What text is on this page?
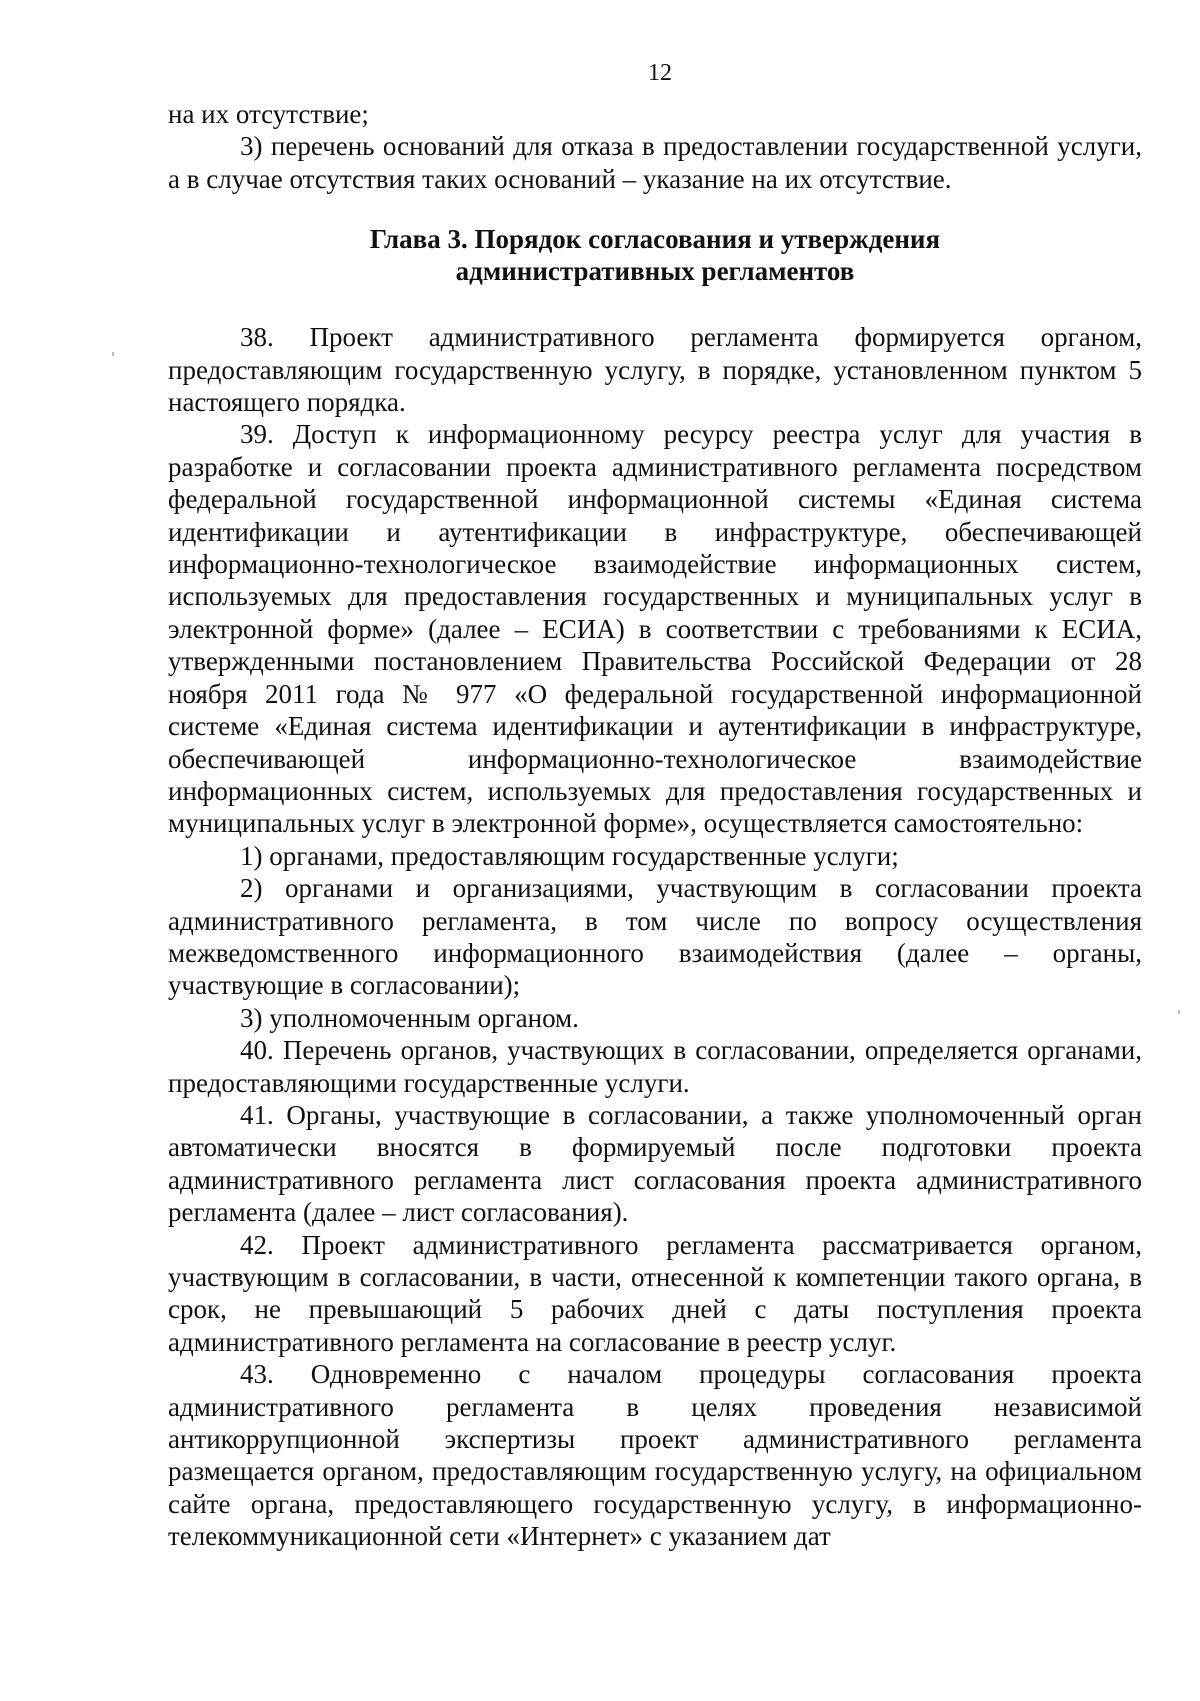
12

на их отсутствие;

3) перечень оснований для отказа в предоставлении государственной услуги, а в случае отсутствия таких оснований – указание на их отсутствие.

Глава 3. Порядок согласования и утверждения
административных регламентов

38. Проект административного регламента формируется органом, предоставляющим государственную услугу, в порядке, установленном пунктом 5 настоящего порядка.

39. Доступ к информационному ресурсу реестра услуг для участия в разработке и согласовании проекта административного регламента посредством федеральной государственной информационной системы «Единая система идентификации и аутентификации в инфраструктуре, обеспечивающей информационно-технологическое взаимодействие информационных систем, используемых для предоставления государственных и муниципальных услуг в электронной форме» (далее – ЕСИА) в соответствии с требованиями к ЕСИА, утвержденными постановлением Правительства Российской Федерации от 28 ноября 2011 года № 977 «О федеральной государственной информационной системе «Единая система идентификации и аутентификации в инфраструктуре, обеспечивающей информационно-технологическое взаимодействие информационных систем, используемых для предоставления государственных и муниципальных услуг в электронной форме», осуществляется самостоятельно:

1) органами, предоставляющим государственные услуги;

2) органами и организациями, участвующим в согласовании проекта административного регламента, в том числе по вопросу осуществления межведомственного информационного взаимодействия (далее – органы, участвующие в согласовании);

3) уполномоченным органом.

40. Перечень органов, участвующих в согласовании, определяется органами, предоставляющими государственные услуги.

41. Органы, участвующие в согласовании, а также уполномоченный орган автоматически вносятся в формируемый после подготовки проекта административного регламента лист согласования проекта административного регламента (далее – лист согласования).

42. Проект административного регламента рассматривается органом, участвующим в согласовании, в части, отнесенной к компетенции такого органа, в срок, не превышающий 5 рабочих дней с даты поступления проекта административного регламента на согласование в реестр услуг.

43. Одновременно с началом процедуры согласования проекта административного регламента в целях проведения независимой антикоррупционной экспертизы проект административного регламента размещается органом, предоставляющим государственную услугу, на официальном сайте органа, предоставляющего государственную услугу, в информационно-телекоммуникационной сети «Интернет» с указанием дат
